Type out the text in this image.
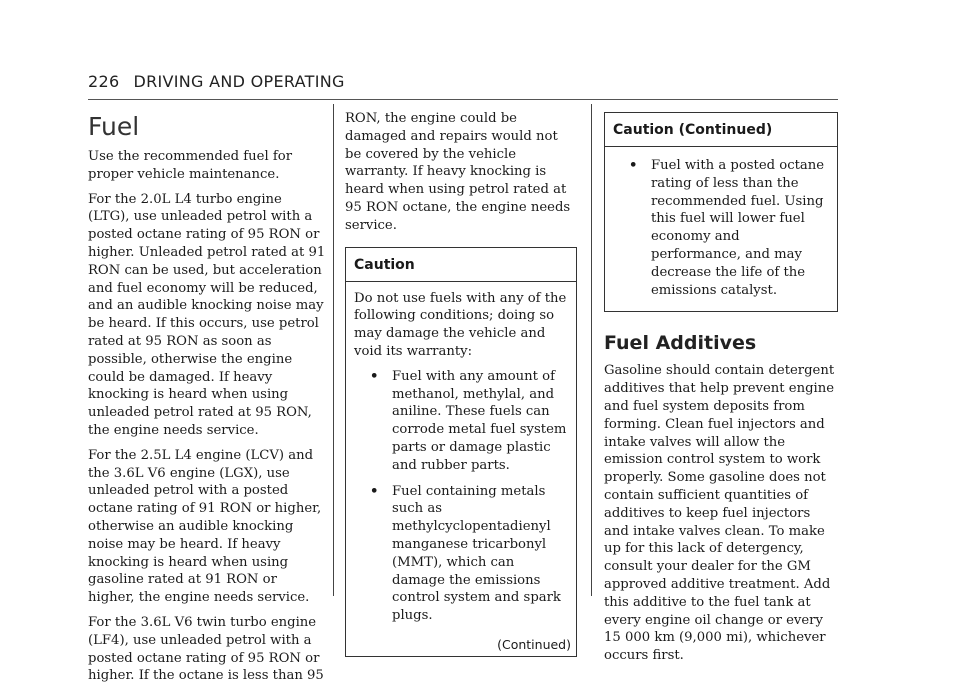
226 DRIVING AND OPERATING
Fuel

Use the recommended fuel for proper vehicle maintenance.

For the 2.0L L4 turbo engine (LTG), use unleaded petrol with a posted octane rating of 95 RON or higher. Unleaded petrol rated at 91 RON can be used, but acceleration and fuel economy will be reduced, and an audible knocking noise may be heard. If this occurs, use petrol rated at 95 RON as soon as possible, otherwise the engine could be damaged. If heavy knocking is heard when using unleaded petrol rated at 95 RON, the engine needs service.

For the 2.5L L4 engine (LCV) and the 3.6L V6 engine (LGX), use unleaded petrol with a posted octane rating of 91 RON or higher, otherwise an audible knocking noise may be heard. If heavy knocking is heard when using gasoline rated at 91 RON or higher, the engine needs service.

For the 3.6L V6 twin turbo engine (LF4), use unleaded petrol with a posted octane rating of 95 RON or higher. If the octane is less than 95

RON, the engine could be damaged and repairs would not be covered by the vehicle warranty. If heavy knocking is heard when using petrol rated at 95 RON octane, the engine needs service.

Caution

Do not use fuels with any of the following conditions; doing so may damage the vehicle and void its warranty:

• Fuel with any amount of methanol, methylal, and aniline. These fuels can corrode metal fuel system parts or damage plastic and rubber parts.
• Fuel containing metals such as methylcyclopentadienyl manganese tricarbonyl (MMT), which can damage the emissions control system and spark plugs.
(Continued)
Caution (Continued)
• Fuel with a posted octane rating of less than the recommended fuel. Using this fuel will lower fuel economy and performance, and may decrease the life of the emissions catalyst.
Fuel Additives

Gasoline should contain detergent additives that help prevent engine and fuel system deposits from forming. Clean fuel injectors and intake valves will allow the emission control system to work properly. Some gasoline does not contain sufficient quantities of additives to keep fuel injectors and intake valves clean. To make up for this lack of detergency, consult your dealer for the GM approved additive treatment. Add this additive to the fuel tank at every engine oil change or every 15 000 km (9,000 mi), whichever occurs first.
